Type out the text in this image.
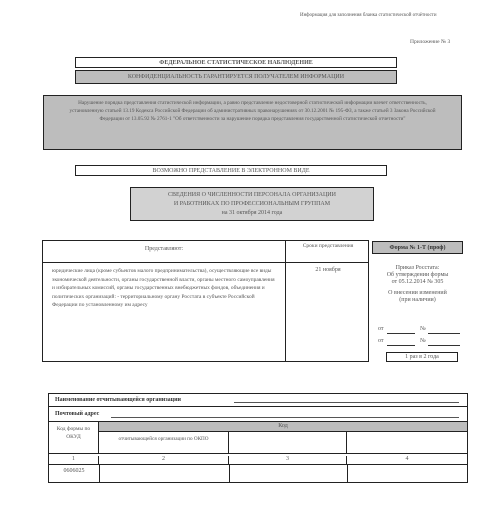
Информация для заполнения бланка статистической отчётности
Приложение № 3
ФЕДЕРАЛЬНОЕ СТАТИСТИЧЕСКОЕ НАБЛЮДЕНИЕ
КОНФИДЕНЦИАЛЬНОСТЬ ГАРАНТИРУЕТСЯ ПОЛУЧАТЕЛЕМ ИНФОРМАЦИИ
Нарушение порядка представления статистической информации, а равно представление недостоверной статистической информации влечет ответственность, установленную статьей 13.19 Кодекса Российской Федерации об административных правонарушениях от 30.12.2001 № 195-ФЗ, а также статьей 3 Закона Российской Федерации от 13.05.92 № 2761-1 "Об ответственности за нарушение порядка представления государственной статистической отчетности"
ВОЗМОЖНО ПРЕДСТАВЛЕНИЕ В ЭЛЕКТРОННОМ ВИДЕ
СВЕДЕНИЯ О ЧИСЛЕННОСТИ ПЕРСОНАЛА ОРГАНИЗАЦИИ
И РАБОТНИКАХ ПО ПРОФЕССИОНАЛЬНЫМ ГРУППАМ
на 31 октября 2014 года
Представляют:	Сроки представления
юридические лица (кроме субъектов малого предпринимательства), осуществляющие все виды экономической деятельности, органы государственной власти, органы местного самоуправления и избирательных комиссий, органы государственных внебюджетных фондов, объединения и политических организаций: - территориальному органу Росстата в субъекте Российской Федерации по установленному им адресу
21 ноября
Форма № 1-Т (проф)
Приказ Росстата:
Об утверждении формы
от 05.12.2014 № 305
О внесении изменений
(при наличии)
от	№
от	№
1 раз в 2 года
Наименование отчитывающейся организации
Почтовый адрес
Код формы по ОКУД
Код
отчитывающейся организации по ОКПО
1	2	3	4
0606025
